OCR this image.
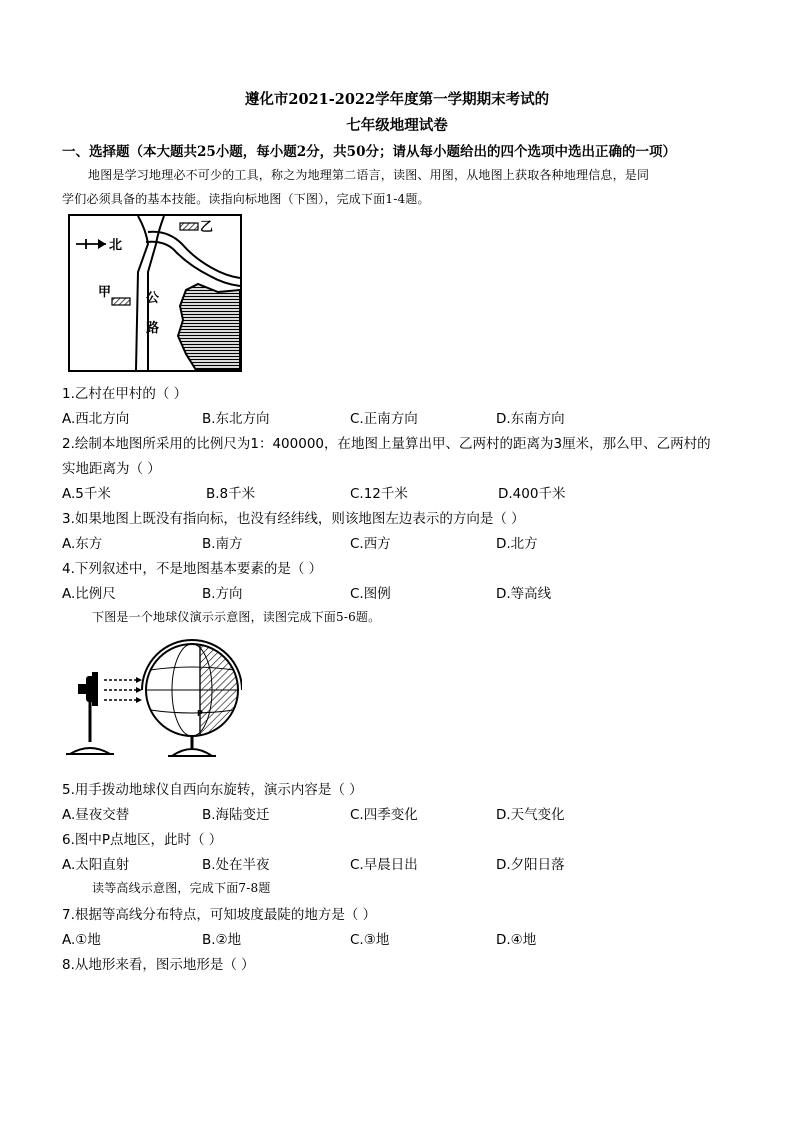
遵化市2021-2022学年度第一学期期末考试的
七年级地理试卷
一、选择题（本大题共25小题，每小题2分，共50分；请从每小题给出的四个选项中选出正确的一项）
地图是学习地理必不可少的工具，称之为地理第二语言，读图、用图，从地图上获取各种地理信息，是同
学们必须具备的基本技能。读指向标地图（下图），完成下面1-4题。
北
乙
甲	公
路
1.乙村在甲村的（ ）
A.西北方向	B.东北方向	C.正南方向	D.东南方向
2.绘制本地图所采用的比例尺为1：400000，在地图上量算出甲、乙两村的距离为3厘米，那么甲、乙两村的
实地距离为（ ）
A.5千米	B.8千米	C.12千米	D.400千米
3.如果地图上既没有指向标，也没有经纬线，则该地图左边表示的方向是（ ）
A.东方	B.南方	C.西方	D.北方
4.下列叙述中，不是地图基本要素的是（ ）
A.比例尺	B.方向	C.图例	D.等高线
下图是一个地球仪演示示意图，读图完成下面5-6题。
P
5.用手拨动地球仪自西向东旋转，演示内容是（ ）
A.昼夜交替	B.海陆变迁	C.四季变化	D.天气变化
6.图中P点地区，此时（ ）
A.太阳直射	B.处在半夜	C.早晨日出	D.夕阳日落
读等高线示意图，完成下面7-8题
7.根据等高线分布特点，可知坡度最陡的地方是（ ）
A.①地	B.②地	C.③地	D.④地
8.从地形来看，图示地形是（ ）
